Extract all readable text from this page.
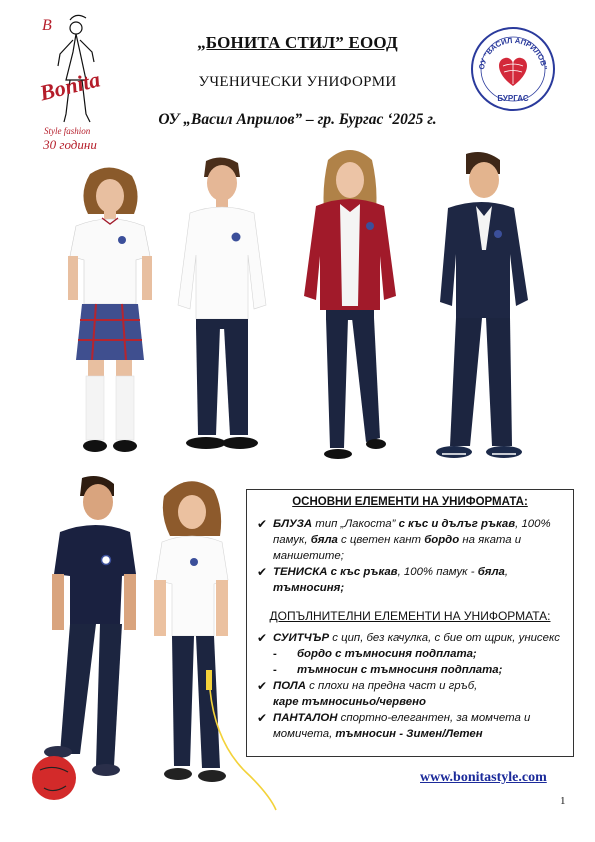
B
Bonita
Style fashion
30 години
„БОНИТА СТИЛ” ЕООД
УЧЕНИЧЕСКИ УНИФОРМИ
ОУ „Васил Априлов” – гр. Бургас ‘2025 г.
ОУ "ВАСИЛ АПРИЛОВ"
БУРГАС
ОСНОВНИ ЕЛЕМЕНТИ НА УНИФОРМАТА:
✔ БЛУЗА тип „Лакоста” с къс и дълъг ръкав, 100% памук, бяла с цветен кант бордо на яката и маншетите;
✔ ТЕНИСКА с къс ръкав, 100% памук - бяла, тъмносиня;
ДОПЪЛНИТЕЛНИ ЕЛЕМЕНТИ НА УНИФОРМАТА:
✔ СУИТЧЪР с цип, без качулка, с бие от щрик, унисекс
- бордо с тъмносиня подплата;
- тъмносин с тъмносиня подплата;
✔ ПОЛА с плохи на предна част и гръб,
каре тъмносиньо/червено
✔ ПАНТАЛОН спортно-елегантен, за момчета и момичета, тъмносин - Зимен/Летен
www.bonitastyle.com
1
